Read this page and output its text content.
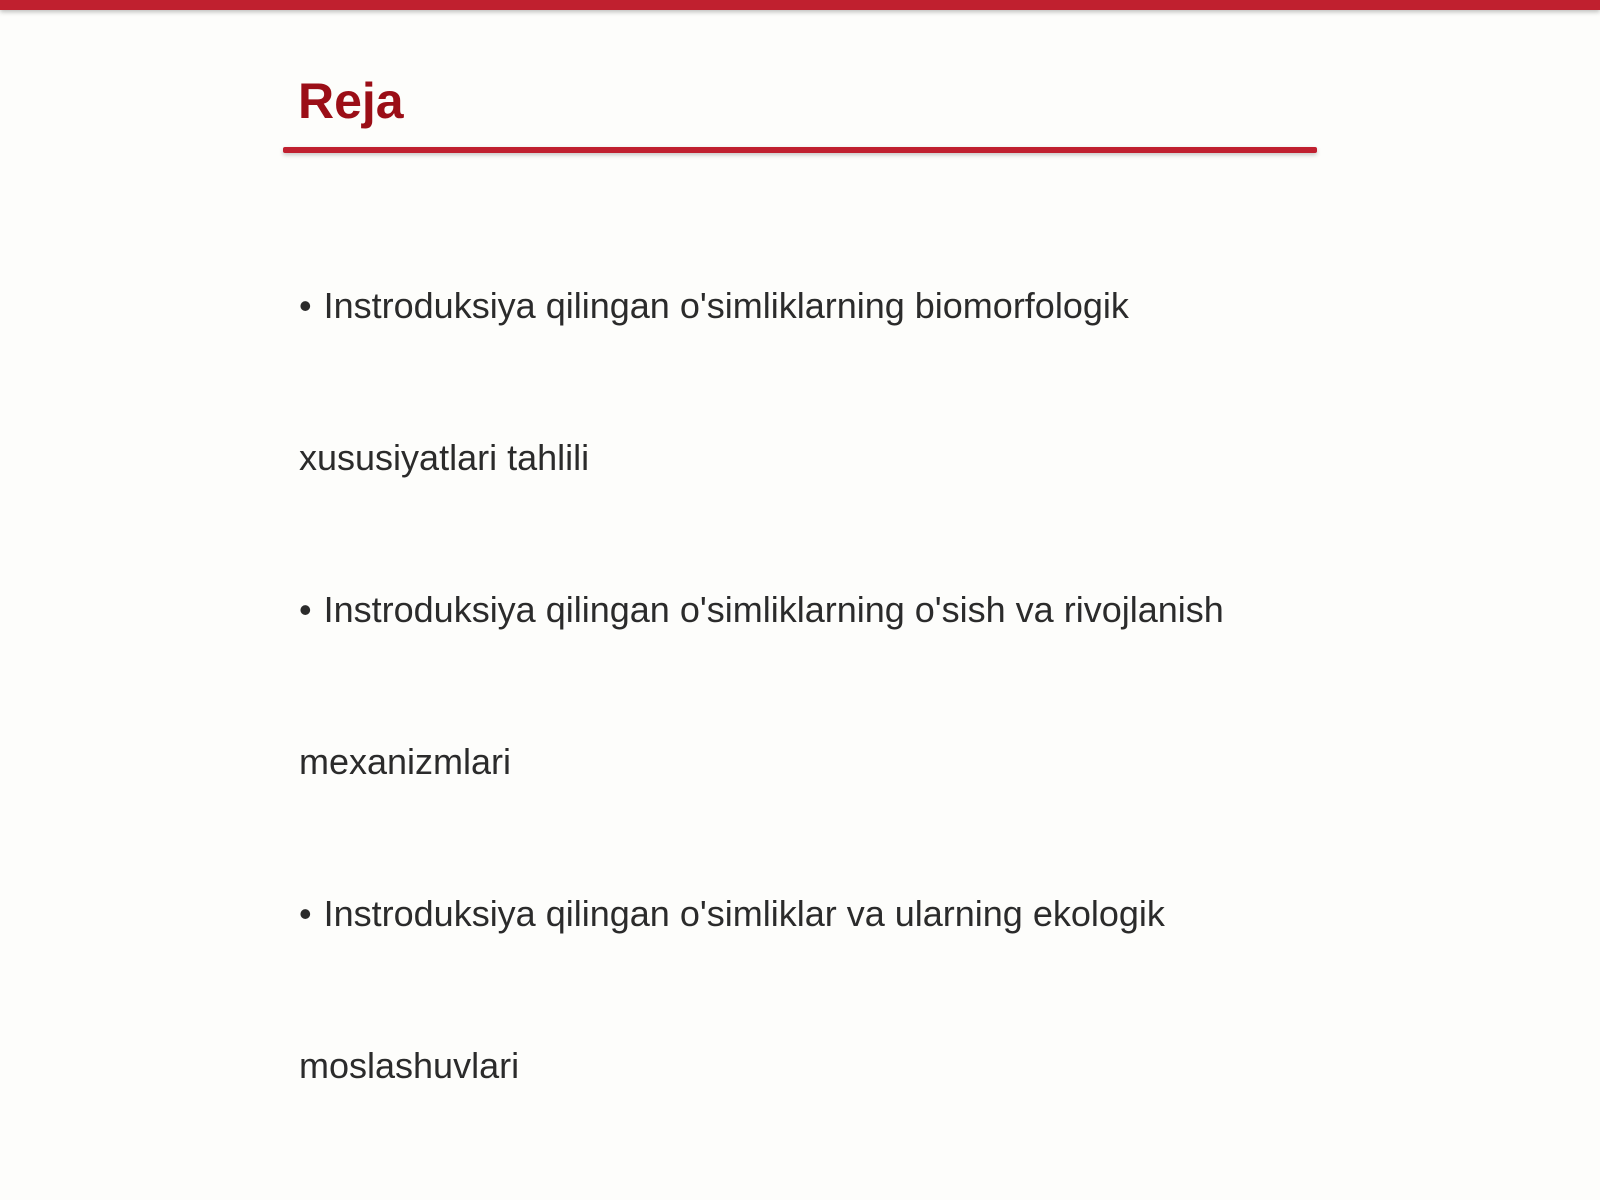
Reja
• Instroduksiya qilingan o'simliklarning biomorfologik
xususiyatlari tahlili
• Instroduksiya qilingan o'simliklarning o'sish va rivojlanish
mexanizmlari
• Instroduksiya qilingan o'simliklar va ularning ekologik
moslashuvlari
